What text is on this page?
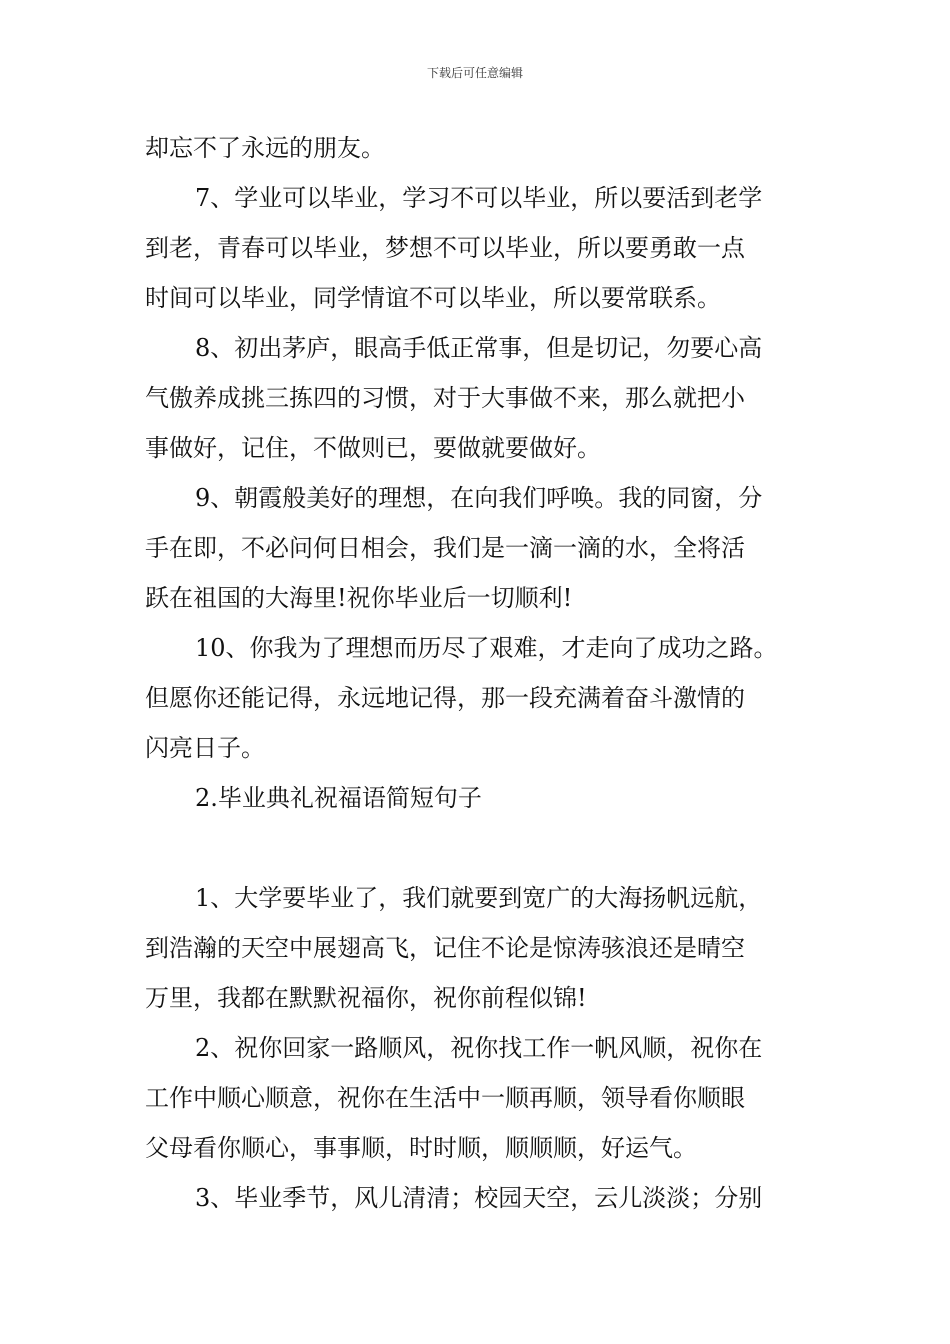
下载后可任意编辑
却忘不了永远的朋友。
7、学业可以毕业，学习不可以毕业，所以要活到老学
到老，青春可以毕业，梦想不可以毕业，所以要勇敢一点
时间可以毕业，同学情谊不可以毕业，所以要常联系。
8、初出茅庐，眼高手低正常事，但是切记，勿要心高
气傲养成挑三拣四的习惯，对于大事做不来，那么就把小
事做好，记住，不做则已，要做就要做好。
9、朝霞般美好的理想，在向我们呼唤。我的同窗，分
手在即，不必问何日相会，我们是一滴一滴的水，全将活
跃在祖国的大海里!祝你毕业后一切顺利!
10、你我为了理想而历尽了艰难，才走向了成功之路。
但愿你还能记得，永远地记得，那一段充满着奋斗激情的
闪亮日子。
2.毕业典礼祝福语简短句子
1、大学要毕业了，我们就要到宽广的大海扬帆远航，
到浩瀚的天空中展翅高飞，记住不论是惊涛骇浪还是晴空
万里，我都在默默祝福你，祝你前程似锦!
2、祝你回家一路顺风，祝你找工作一帆风顺，祝你在
工作中顺心顺意，祝你在生活中一顺再顺，领导看你顺眼
父母看你顺心，事事顺，时时顺，顺顺顺，好运气。
3、毕业季节，风儿清清；校园天空，云儿淡淡；分别
